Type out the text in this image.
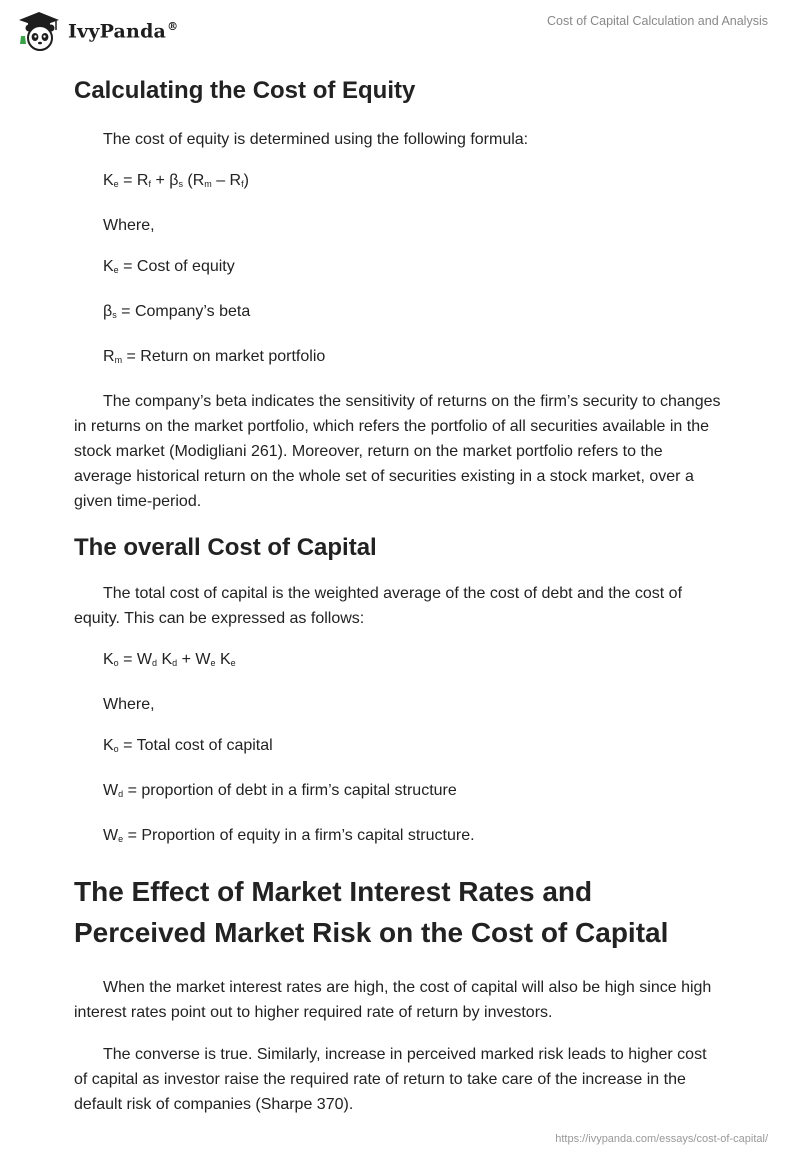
IvyPanda®	Cost of Capital Calculation and Analysis
Calculating the Cost of Equity

The cost of equity is determined using the following formula:

$K_e = R_f + \beta_s$ $(R_m - R_f)$

Where,

$K_e$ = Cost of equity

$\beta_s$ = Company’s beta

$R_m$ = Return on market portfolio

The company’s beta indicates the sensitivity of returns on the firm’s security to changes in returns on the market portfolio, which refers the portfolio of all securities available in the stock market (Modigliani 261). Moreover, return on the market portfolio refers to the average historical return on the whole set of securities existing in a stock market, over a given time-period.

The overall Cost of Capital

The total cost of capital is the weighted average of the cost of debt and the cost of equity. This can be expressed as follows:

$K_o = W_d$ $K_d + W_e$ $K_e$

Where,

$K_o$ = Total cost of capital

$W_d$ = proportion of debt in a firm’s capital structure

$W_e$ = Proportion of equity in a firm’s capital structure.

The Effect of Market Interest Rates and Perceived Market Risk on the Cost of Capital

When the market interest rates are high, the cost of capital will also be high since high interest rates point out to higher required rate of return by investors.

The converse is true. Similarly, increase in perceived marked risk leads to higher cost of capital as investor raise the required rate of return to take care of the increase in the default risk of companies (Sharpe 370).

https://ivypanda.com/essays/cost-of-capital/
